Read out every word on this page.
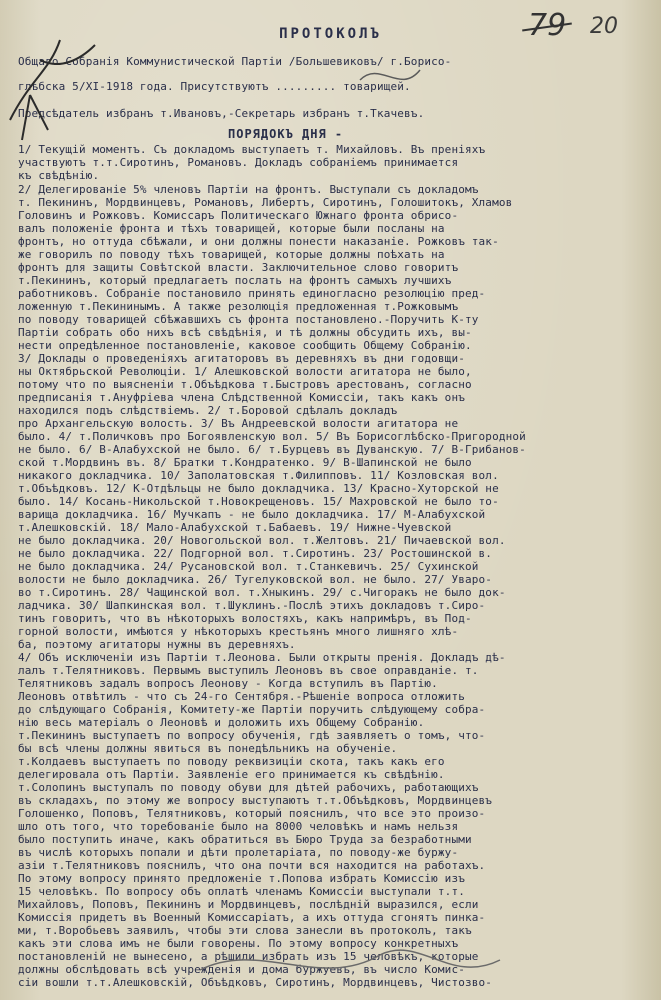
79 20
ПРОТОКОЛЪ
Общаго Собранія Коммунистической Партіи /Большевиковъ/ г.Борисо-
глѣбска 5/XI-1918 года. Присутствуютъ ......... товарищей.
Предсѣдатель избранъ т.Ивановъ,-Секретарь избранъ т.Ткачевъ.
ПОРЯДОКЪ ДНЯ -
1/ Текущій моментъ. Съ докладомъ выступаетъ т. Михайловъ. Въ преніяхъ
участвуютъ т.т.Сиротинъ, Романовъ. Докладъ собраніемъ принимается
къ свѣдѣнію.
2/ Делегированіе 5% членовъ Партіи на фронтъ. Выступали съ докладомъ
т. Пекининъ, Мордвинцевъ, Романовъ, Либертъ, Сиротинъ, Голошитокъ, Хламов
Головинъ и Рожковъ. Комиссаръ Политическаго Южнаго фронта обрисо-
валъ положеніе фронта и тѣхъ товарищей, которые были посланы на
фронтъ, но оттуда сбѣжали, и они должны понести наказаніе. Рожковъ так-
же говорилъ по поводу тѣхъ товарищей, которые должны поѣхать на
фронтъ для защиты Совѣтской власти. Заключительное слово говоритъ
т.Пекининъ, который предлагаетъ послать на фронтъ самыхъ лучшихъ
работниковъ. Собраніе постановило принять единогласно резолюцію пред-
ложенную т.Пекининымъ. А также резолюція предложенная т.Рожковымъ
по поводу товарищей сбѣжавшихъ съ фронта постановлено.-Поручить К-ту
Партіи собрать обо нихъ всѣ свѣдѣнія, и тѣ должны обсудить ихъ, вы-
нести опредѣленное постановленіе, каковое сообщить Общему Собранію.
3/ Доклады о проведеніяхъ агитаторовъ въ деревняхъ въ дни годовщи-
ны Октябрьской Революціи. 1/ Алешковской волости агитатора не было,
потому что по выясненіи т.Объѣдкова т.Быстровъ арестованъ, согласно
предписанія т.Ануфріева члена Слѣдственной Комиссіи, такъ какъ онъ
находился подъ слѣдствіемъ. 2/ т.Боровой сдѣлалъ докладъ
про Архангельскую волость. 3/ Въ Андреевской волости агитатора не
было. 4/ т.Поличковъ про Богоявленскую вол. 5/ Въ Борисоглѣбско-Пригородной
не было. 6/ В-Алабухской не было. 6/ т.Бурцевъ въ Дуванскую. 7/ В-Грибанов-
ской т.Мордвинъ въ. 8/ Братки т.Кондратенко. 9/ В-Шапинской не было
никакого докладчика. 10/ Заполатовская т.Филипповъ. 11/ Козловская вол.
т.Объѣдковъ. 12/ К-Отдѣльцы не было докладчика. 13/ Красно-Хуторской не
было. 14/ Косань-Никольской т.Новокрещеновъ. 15/ Махровской не было то-
варища докладчика. 16/ Мучкапъ - не было докладчика. 17/ М-Алабухской
т.Алешковскій. 18/ Мало-Алабухской т.Бабаевъ. 19/ Нижне-Чуевской
не было докладчика. 20/ Новогольской вол. т.Желтовъ. 21/ Пичаевской вол.
не было докладчика. 22/ Подгорной вол. т.Сиротинъ. 23/ Ростошинской в.
не было докладчика. 24/ Русановской вол. т.Станкевичъ. 25/ Сухинской
волости не было докладчика. 26/ Тугелуковской вол. не было. 27/ Уваро-
во т.Сиротинъ. 28/ Чащинской вол. т.Хныкинъ. 29/ с.Чигоракъ не было док-
ладчика. 30/ Шапкинская вол. т.Шуклинъ.-Послѣ этихъ докладовъ т.Сиро-
тинъ говоритъ, что въ нѣкоторыхъ волостяхъ, какъ напримѣръ, въ Под-
горной волости, имѣются у нѣкоторыхъ крестьянъ много лишняго хлѣ-
ба, поэтому агитаторы нужны въ деревняхъ.
4/ Объ исключеніи изъ Партіи т.Леонова. Были открыты пренія. Докладъ дѣ-
лалъ т.Телятниковъ. Первымъ выступилъ Леоновъ въ свое оправданіе. т.
Телятниковъ задалъ вопросъ Леонову - Когда вступилъ въ Партію.
Леоновъ отвѣтилъ - что съ 24-го Сентября.-Рѣшеніе вопроса отложить
до слѣдующаго Собранія, Комитету-же Партіи поручить слѣдующему собра-
нію весь матеріалъ о Леоновѣ и доложить ихъ Общему Собранію.
т.Пекининъ выступаетъ по вопросу обученія, гдѣ заявляетъ о томъ, что-
бы всѣ члены должны явиться въ понедѣльникъ на обученіе.
т.Колдаевъ выступаетъ по поводу реквизиціи скота, такъ какъ его
делегировала отъ Партіи. Заявленіе его принимается къ свѣдѣнію.
т.Солопинъ выступалъ по поводу обуви для дѣтей рабочихъ, работающихъ
въ складахъ, по этому же вопросу выступаютъ т.т.Объѣдковъ, Мордвинцевъ
Голошенко, Поповъ, Телятниковъ, который пояснилъ, что все это произо-
шло отъ того, что торебованіе было на 8000 человѣкъ и намъ нельзя
было поступить иначе, какъ обратиться въ Бюро Труда за безработными
въ числѣ которыхъ попали и дѣти пролетаріата, по поводу-же буржу-
азіи т.Телятниковъ пояснилъ, что она почти вся находится на работахъ.
По этому вопросу принято предложеніе т.Попова избрать Комиссію изъ
15 человѣкъ. По вопросу объ оплатѣ членамъ Комиссіи выступали т.т.
Михайловъ, Поповъ, Пекининъ и Мордвинцевъ, послѣдній выразился, если
Комиссія придетъ въ Военный Комиссаріатъ, а ихъ оттуда сгонятъ пинка-
ми, т.Воробьевъ заявилъ, чтобы эти слова занесли въ протоколъ, такъ
какъ эти слова имъ не были говорены. По этому вопросу конкретныхъ
постановленій не вынесено, а рѣшили избрать изъ 15 человѣкъ, которые
должны обслѣдовать всѣ учрежденія и дома буржуевъ, въ число Комис-
сіи вошли т.т.Алешковскій, Объѣдковъ, Сиротинъ, Мордвинцевъ, Чистозво-
